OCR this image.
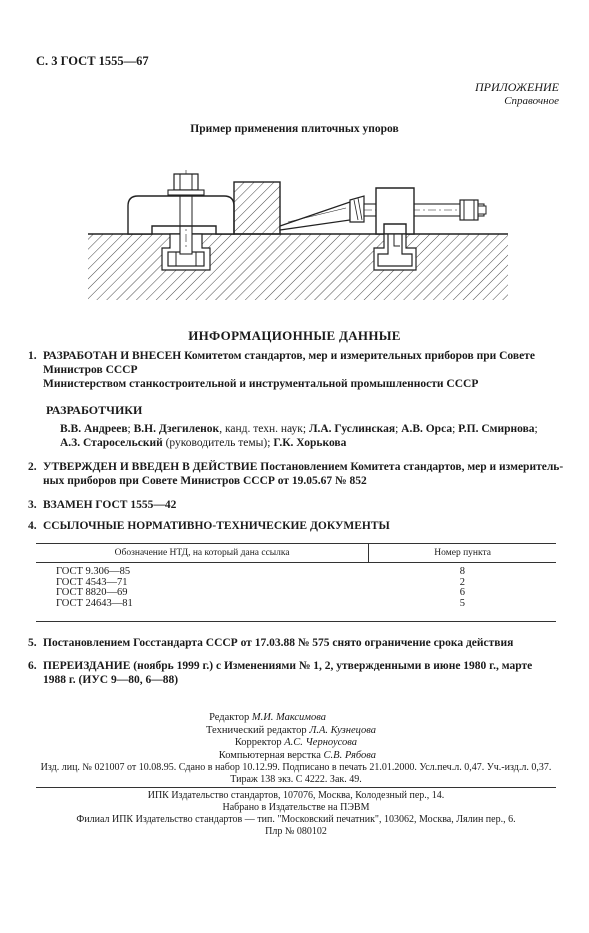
С. 3 ГОСТ 1555—67
ПРИЛОЖЕНИЕ
Справочное
Пример применения плиточных упоров
ИНФОРМАЦИОННЫЕ ДАННЫЕ
1. РАЗРАБОТАН И ВНЕСЕН Комитетом стандартов, мер и измерительных приборов при Совете
Министров СССР
Министерством станкостроительной и инструментальной промышленности СССР
РАЗРАБОТЧИКИ
В.В. Андреев; В.Н. Дзегиленок, канд. техн. наук; Л.А. Гуслинская; А.В. Орса; Р.П. Смирнова;
А.З. Старосельский (руководитель темы); Г.К. Хорькова
2. УТВЕРЖДЕН И ВВЕДЕН В ДЕЙСТВИЕ Постановлением Комитета стандартов, мер и измеритель-
ных приборов при Совете Министров СССР от 19.05.67 № 852
3. ВЗАМЕН ГОСТ 1555—42
4. ССЫЛОЧНЫЕ НОРМАТИВНО-ТЕХНИЧЕСКИЕ ДОКУМЕНТЫ
Обозначение НТД, на который дана ссылка	Номер пункта
ГОСТ 9.306—85	8
ГОСТ 4543—71	2
ГОСТ 8820—69	6
ГОСТ 24643—81	5
5. Постановлением Госстандарта СССР от 17.03.88 № 575 снято ограничение срока действия
6. ПЕРЕИЗДАНИЕ (ноябрь 1999 г.) с Изменениями № 1, 2, утвержденными в июне 1980 г., марте
1988 г. (ИУС 9—80, 6—88)
Редактор М.И. Максимова
Технический редактор Л.А. Кузнецова
Корректор А.С. Черноусова
Компьютерная верстка С.В. Рябова
Изд. лиц. № 021007 от 10.08.95. Сдано в набор 10.12.99. Подписано в печать 21.01.2000. Усл.печ.л. 0,47. Уч.-изд.л. 0,37.
Тираж 138 экз. С 4222. Зак. 49.
ИПК Издательство стандартов, 107076, Москва, Колодезный пер., 14.
Набрано в Издательстве на ПЭВМ
Филиал ИПК Издательство стандартов — тип. "Московский печатник", 103062, Москва, Лялин пер., 6.
Плр № 080102
